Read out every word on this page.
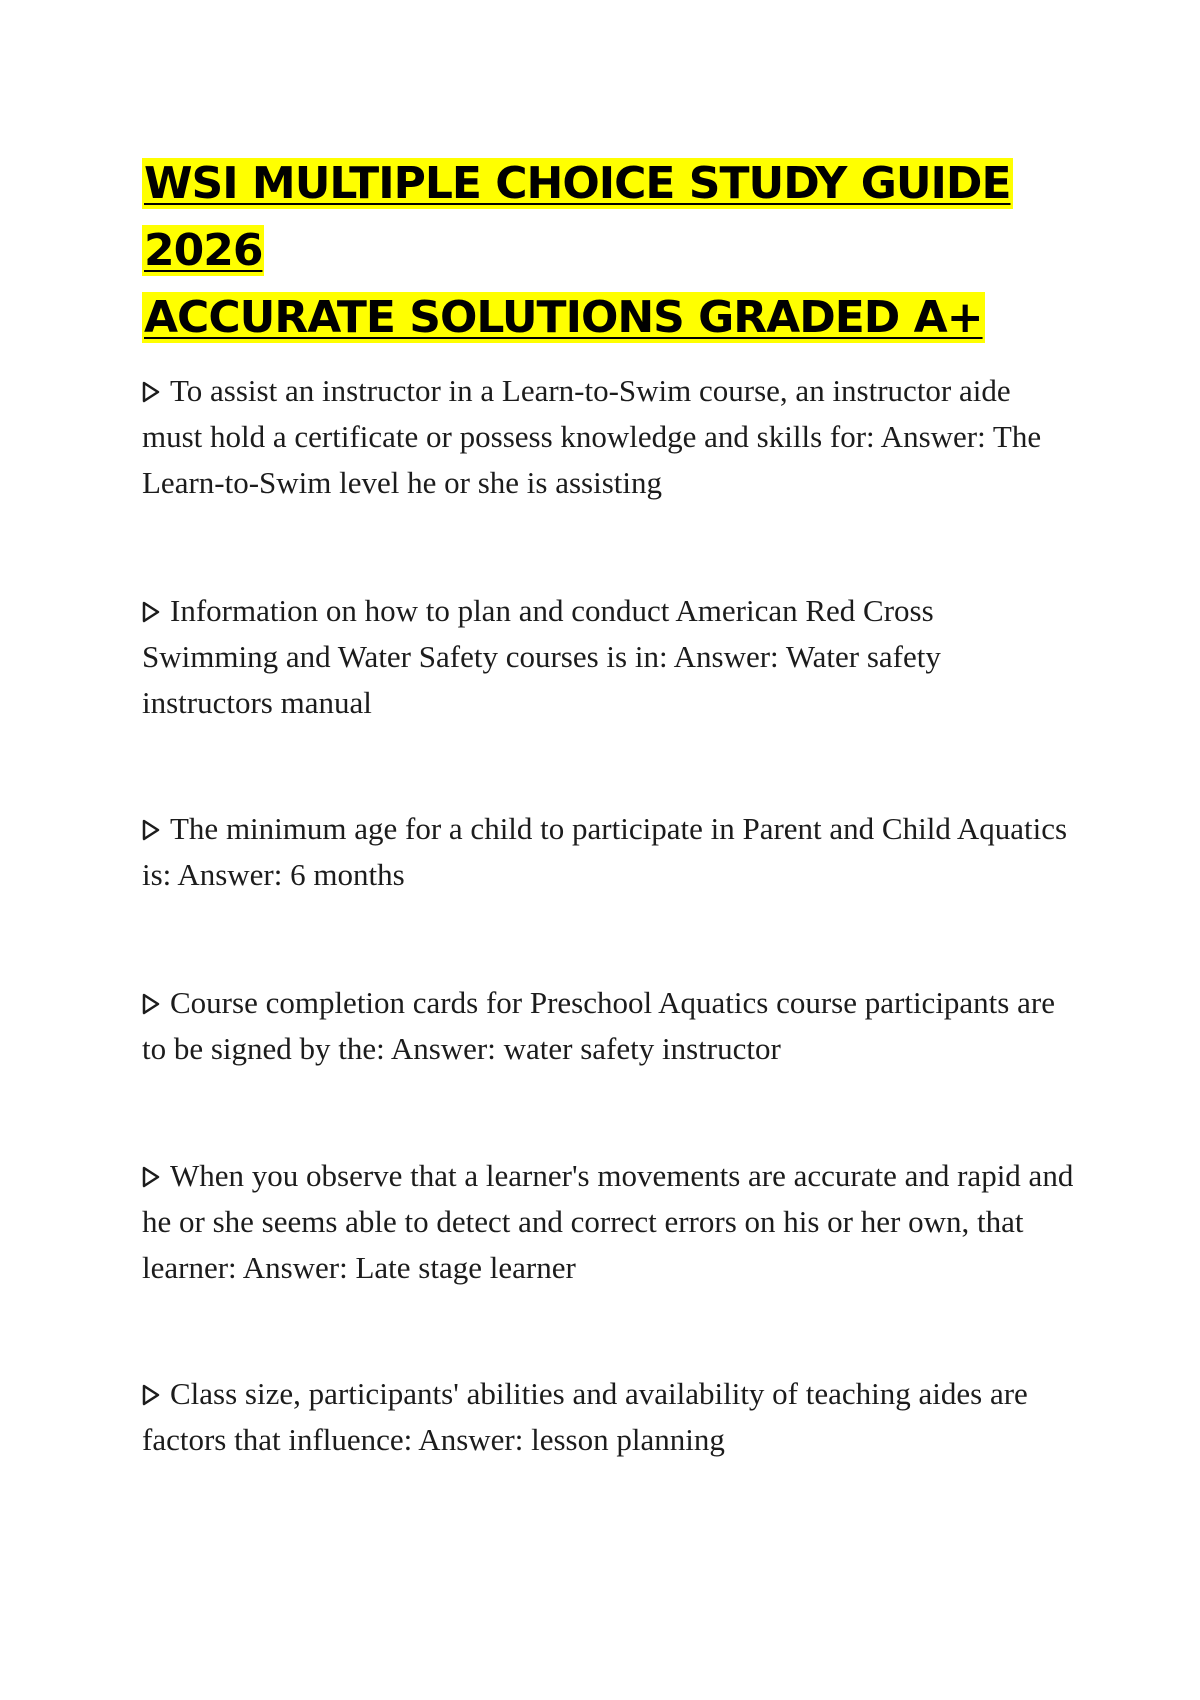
WSI MULTIPLE CHOICE STUDY GUIDE 2026
ACCURATE SOLUTIONS GRADED A+

To assist an instructor in a Learn-to-Swim course, an instructor aide must hold a certificate or possess knowledge and skills for: Answer: The Learn-to-Swim level he or she is assisting

Information on how to plan and conduct American Red Cross Swimming and Water Safety courses is in: Answer: Water safety instructors manual

The minimum age for a child to participate in Parent and Child Aquatics is: Answer: 6 months

Course completion cards for Preschool Aquatics course participants are to be signed by the: Answer: water safety instructor

When you observe that a learner's movements are accurate and rapid and he or she seems able to detect and correct errors on his or her own, that learner: Answer: Late stage learner

Class size, participants' abilities and availability of teaching aides are factors that influence: Answer: lesson planning
